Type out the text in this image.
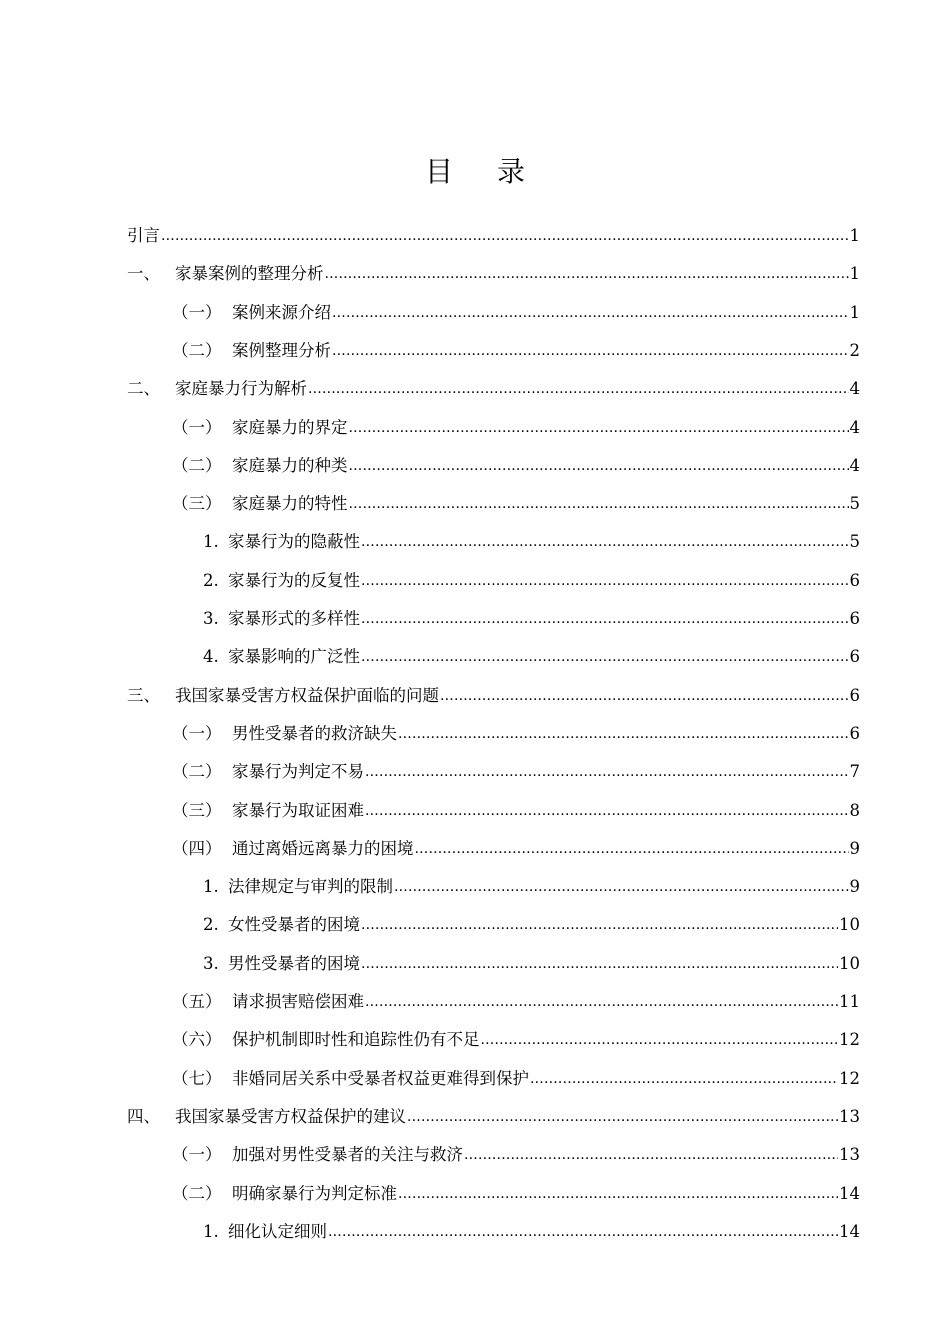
目 录
引言 .....	1
一、 家暴案例的整理分析 .....	1
（一） 案例来源介绍 .....	1
（二） 案例整理分析 .....	2
二、 家庭暴力行为解析 .....	4
（一） 家庭暴力的界定 .....	4
（二） 家庭暴力的种类 .....	4
（三） 家庭暴力的特性 .....	5
1. 家暴行为的隐蔽性 .....	5
2. 家暴行为的反复性 .....	6
3. 家暴形式的多样性 .....	6
4. 家暴影响的广泛性 .....	6
三、 我国家暴受害方权益保护面临的问题 .....	6
（一） 男性受暴者的救济缺失 .....	6
（二） 家暴行为判定不易 .....	7
（三） 家暴行为取证困难 .....	8
（四） 通过离婚远离暴力的困境 .....	9
1. 法律规定与审判的限制 .....	9
2. 女性受暴者的困境 .....	10
3. 男性受暴者的困境 .....	10
（五） 请求损害赔偿困难 .....	11
（六） 保护机制即时性和追踪性仍有不足 .....	12
（七） 非婚同居关系中受暴者权益更难得到保护 .....	12
四、 我国家暴受害方权益保护的建议 .....	13
（一） 加强对男性受暴者的关注与救济 .....	13
（二） 明确家暴行为判定标准 .....	14
1. 细化认定细则 .....	14
